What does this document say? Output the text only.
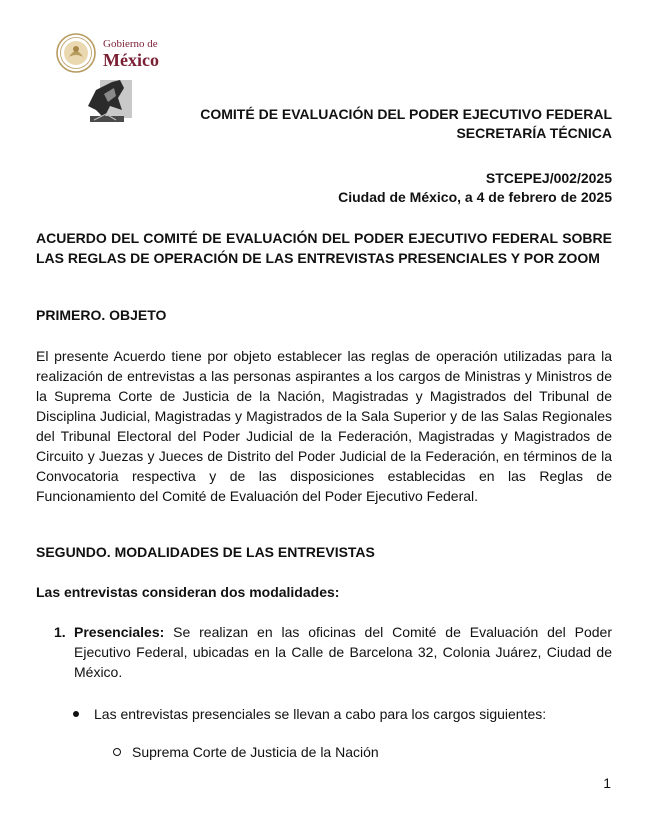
Gobierno de
México
COMITÉ DE EVALUACIÓN DEL PODER EJECUTIVO FEDERAL
SECRETARÍA TÉCNICA
STCEPEJ/002/2025
Ciudad de México, a 4 de febrero de 2025
ACUERDO DEL COMITÉ DE EVALUACIÓN DEL PODER EJECUTIVO FEDERAL SOBRE LAS REGLAS DE OPERACIÓN DE LAS ENTREVISTAS PRESENCIALES Y POR ZOOM
PRIMERO. OBJETO
El presente Acuerdo tiene por objeto establecer las reglas de operación utilizadas para la realización de entrevistas a las personas aspirantes a los cargos de Ministras y Ministros de la Suprema Corte de Justicia de la Nación, Magistradas y Magistrados del Tribunal de Disciplina Judicial, Magistradas y Magistrados de la Sala Superior y de las Salas Regionales del Tribunal Electoral del Poder Judicial de la Federación, Magistradas y Magistrados de Circuito y Juezas y Jueces de Distrito del Poder Judicial de la Federación, en términos de la Convocatoria respectiva y de las disposiciones establecidas en las Reglas de Funcionamiento del Comité de Evaluación del Poder Ejecutivo Federal.
SEGUNDO. MODALIDADES DE LAS ENTREVISTAS
Las entrevistas consideran dos modalidades:
1. Presenciales: Se realizan en las oficinas del Comité de Evaluación del Poder Ejecutivo Federal, ubicadas en la Calle de Barcelona 32, Colonia Juárez, Ciudad de México.
Las entrevistas presenciales se llevan a cabo para los cargos siguientes:
Suprema Corte de Justicia de la Nación
1
